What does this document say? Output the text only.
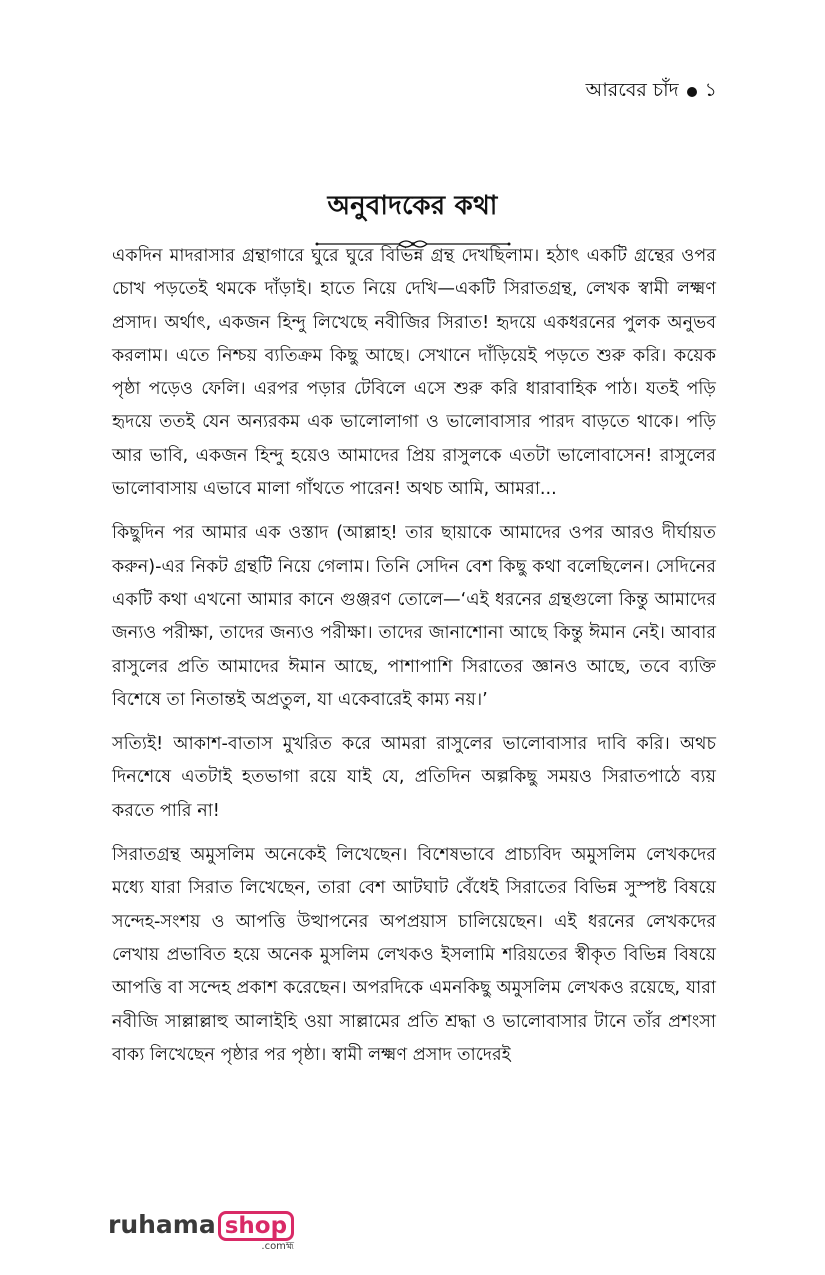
আরবের চাঁদ ১
অনুবাদকের কথা

একদিন মাদরাসার গ্রন্থাগারে ঘুরে ঘুরে বিভিন্ন গ্রন্থ দেখছিলাম। হঠাৎ একটি গ্রন্থের ওপর চোখ পড়তেই থমকে দাঁড়াই। হাতে নিয়ে দেখি—একটি সিরাতগ্রন্থ, লেখক স্বামী লক্ষ্মণ প্রসাদ। অর্থাৎ, একজন হিন্দু লিখেছে নবীজির সিরাত! হৃদয়ে একধরনের পুলক অনুভব করলাম। এতে নিশ্চয় ব্যতিক্রম কিছু আছে। সেখানে দাঁড়িয়েই পড়তে শুরু করি। কয়েক পৃষ্ঠা পড়েও ফেলি। এরপর পড়ার টেবিলে এসে শুরু করি ধারাবাহিক পাঠ। যতই পড়ি হৃদয়ে ততই যেন অন্যরকম এক ভালোলাগা ও ভালোবাসার পারদ বাড়তে থাকে। পড়ি আর ভাবি, একজন হিন্দু হয়েও আমাদের প্রিয় রাসুলকে এতটা ভালোবাসেন! রাসুলের ভালোবাসায় এভাবে মালা গাঁথতে পারেন! অথচ আমি, আমরা...

কিছুদিন পর আমার এক ওস্তাদ (আল্লাহ! তার ছায়াকে আমাদের ওপর আরও দীর্ঘায়ত করুন)-এর নিকট গ্রন্থটি নিয়ে গেলাম। তিনি সেদিন বেশ কিছু কথা বলেছিলেন। সেদিনের একটি কথা এখনো আমার কানে গুঞ্জরণ তোলে—‘এই ধরনের গ্রন্থগুলো কিন্তু আমাদের জন্যও পরীক্ষা, তাদের জন্যও পরীক্ষা। তাদের জানাশোনা আছে কিন্তু ঈমান নেই। আবার রাসুলের প্রতি আমাদের ঈমান আছে, পাশাপাশি সিরাতের জ্ঞানও আছে, তবে ব্যক্তি বিশেষে তা নিতান্তই অপ্রতুল, যা একেবারেই কাম্য নয়।’

সত্যিই! আকাশ-বাতাস মুখরিত করে আমরা রাসুলের ভালোবাসার দাবি করি। অথচ দিনশেষে এতটাই হতভাগা রয়ে যাই যে, প্রতিদিন অল্পকিছু সময়ও সিরাতপাঠে ব্যয় করতে পারি না!

সিরাতগ্রন্থ অমুসলিম অনেকেই লিখেছেন। বিশেষভাবে প্রাচ্যবিদ অমুসলিম লেখকদের মধ্যে যারা সিরাত লিখেছেন, তারা বেশ আটঘাট বেঁধেই সিরাতের বিভিন্ন সুস্পষ্ট বিষয়ে সন্দেহ-সংশয় ও আপত্তি উত্থাপনের অপপ্রয়াস চালিয়েছেন। এই ধরনের লেখকদের লেখায় প্রভাবিত হয়ে অনেক মুসলিম লেখকও ইসলামি শরিয়তের স্বীকৃত বিভিন্ন বিষয়ে আপত্তি বা সন্দেহ প্রকাশ করেছেন। অপরদিকে এমনকিছু অমুসলিম লেখকও রয়েছে, যারা নবীজি সাল্লাল্লাহু আলাইহি ওয়া সাল্লামের প্রতি শ্রদ্ধা ও ভালোবাসার টানে তাঁর প্রশংসা বাক্য লিখেছেন পৃষ্ঠার পর পৃষ্ঠা। স্বামী লক্ষ্মণ প্রসাদ তাদেরই

ruhama shop
.comহ্ম
